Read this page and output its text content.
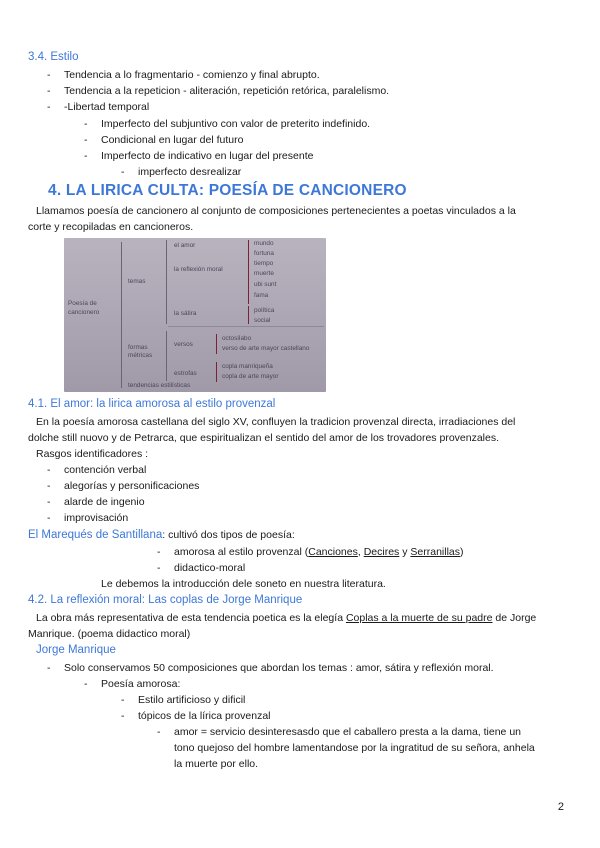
3.4. Estilo
- Tendencia a lo fragmentario - comienzo y final abrupto.
- Tendencia a la repeticion - aliteración, repetición retórica, paralelismo.
- -Libertad temporal
- Imperfecto del subjuntivo con valor de preterito indefinido.
- Condicional en lugar del futuro
- Imperfecto de indicativo en lugar del presente
- imperfecto desrealizar
4. LA LIRICA CULTA: POESÍA DE CANCIONERO
Llamamos poesía de cancionero al conjunto de composiciones pertenecientes a poetas vinculados a la
corte y recopiladas en cancioneros.
Poesía de
cancionero
temas
formas
métricas
tendencias estilísticas
el amor
la reflexión moral
la sátira
versos
estrofas
mundo
fortuna
tiempo
muerte
ubi sunt
fama
política
social
octosílabo
verso de arte mayor castellano
copla manriqueña
copla de arte mayor
4.1. El amor: la lirica amorosa al estilo provenzal
En la poesía amorosa castellana del siglo XV, confluyen la tradicion provenzal directa, irradiaciones del
dolche still nuovo y de Petrarca, que espiritualizan el sentido del amor de los trovadores provenzales.
Rasgos identificadores :
- contención verbal
- alegorías y personificaciones
- alarde de ingenio
- improvisación
El Marequés de Santillana: cultivó dos tipos de poesía:
- amorosa al estilo provenzal (Canciones, Decires y Serranillas)
- didactico-moral
Le debemos la introducción dele soneto en nuestra literatura.
4.2. La reflexión moral: Las coplas de Jorge Manrique
La obra más representativa de esta tendencia poetica es la elegía Coplas a la muerte de su padre de Jorge
Manrique. (poema didactico moral)
Jorge Manrique
- Solo conservamos 50 composiciones que abordan los temas : amor, sátira y reflexión moral.
- Poesía amorosa:
- Estilo artificioso y dificil
- tópicos de la lírica provenzal
- amor = servicio desinteresasdo que el caballero presta a la dama, tiene un
tono quejoso del hombre lamentandose por la ingratitud de su señora, anhela
la muerte por ello.
2
